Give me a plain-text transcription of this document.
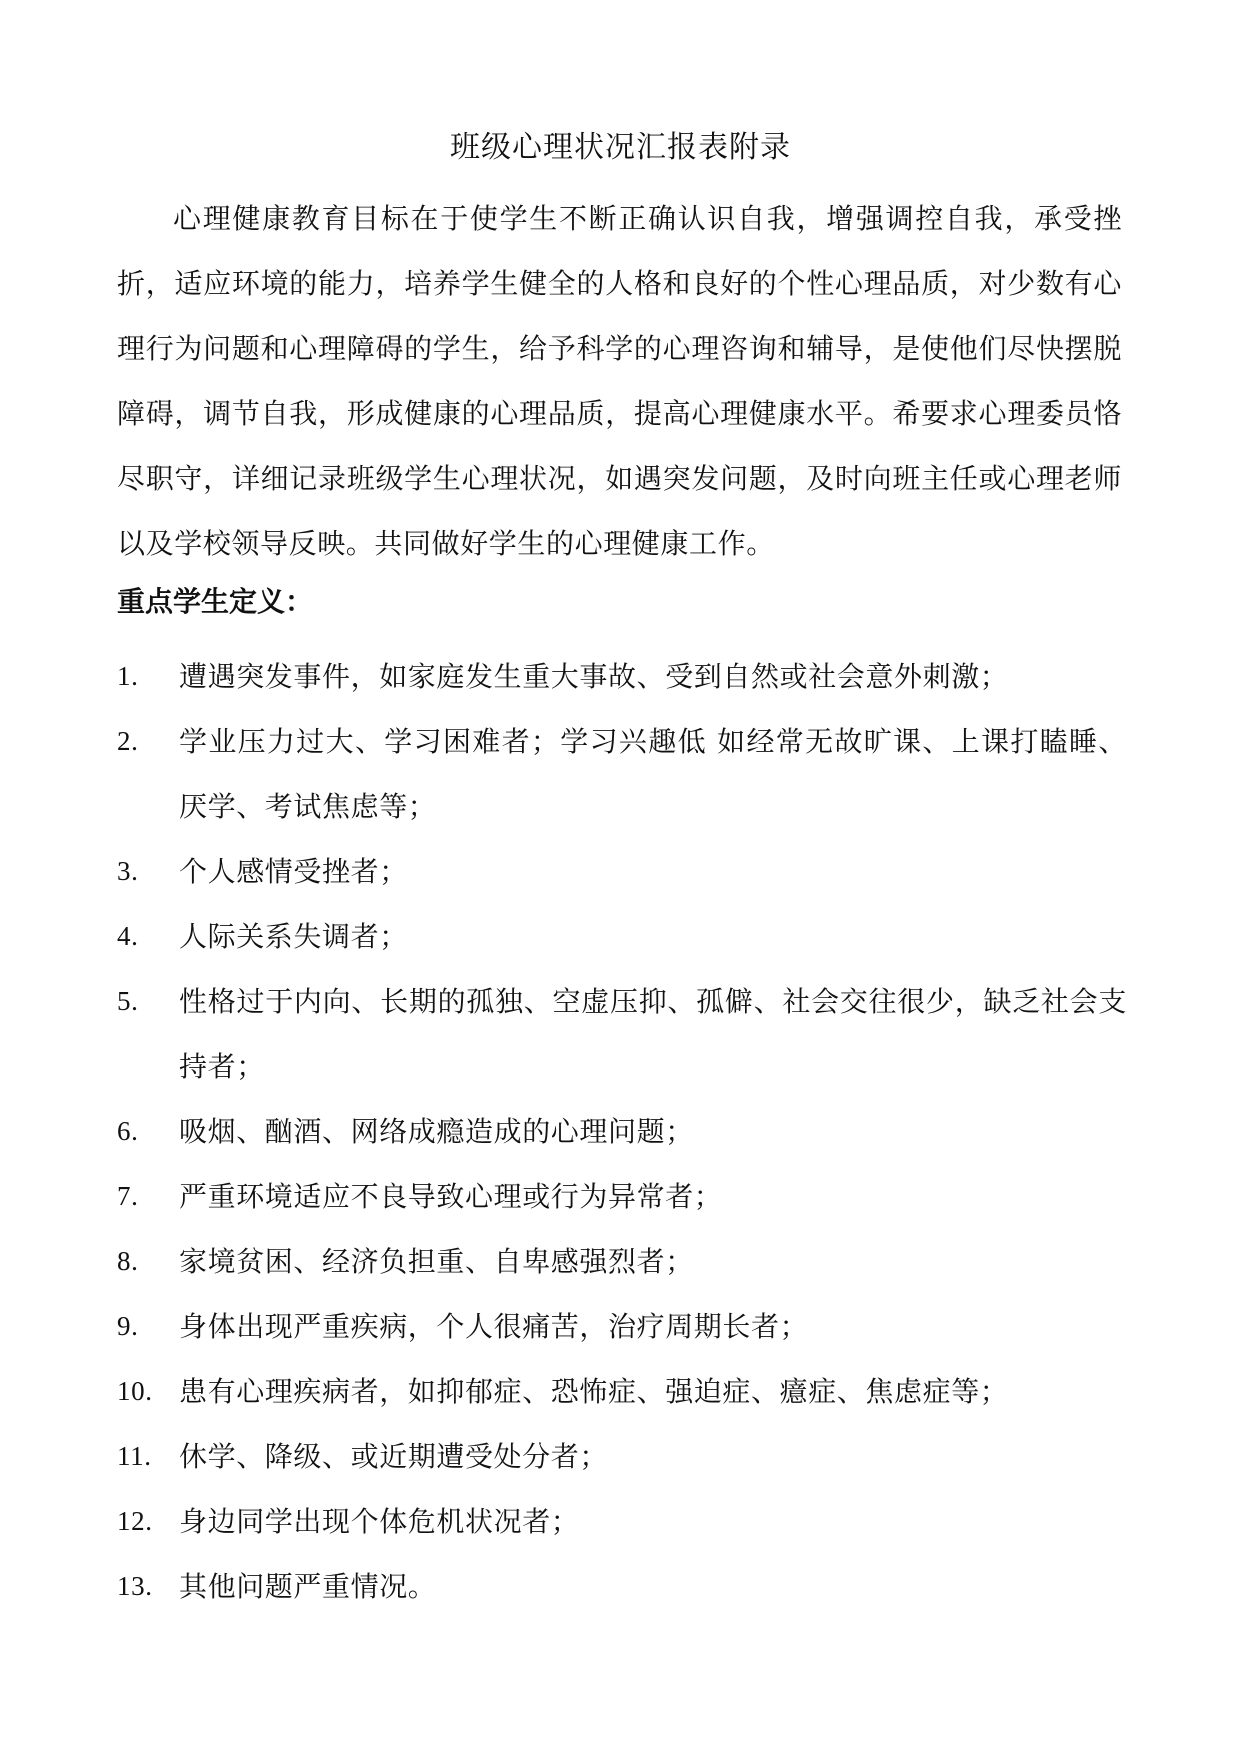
班级心理状况汇报表附录

心理健康教育目标在于使学生不断正确认识自我，增强调控自我，承受挫折，适应环境的能力，培养学生健全的人格和良好的个性心理品质，对少数有心理行为问题和心理障碍的学生，给予科学的心理咨询和辅导，是使他们尽快摆脱障碍，调节自我，形成健康的心理品质，提高心理健康水平。希要求心理委员恪尽职守，详细记录班级学生心理状况，如遇突发问题，及时向班主任或心理老师以及学校领导反映。共同做好学生的心理健康工作。

重点学生定义：
1.	遭遇突发事件，如家庭发生重大事故、受到自然或社会意外刺激；
2.	学业压力过大、学习困难者；学习兴趣低 如经常无故旷课、上课打瞌睡、厌学、考试焦虑等；
3.	个人感情受挫者；
4.	人际关系失调者；
5.	性格过于内向、长期的孤独、空虚压抑、孤僻、社会交往很少，缺乏社会支持者；
6.	吸烟、酗酒、网络成瘾造成的心理问题；
7.	严重环境适应不良导致心理或行为异常者；
8.	家境贫困、经济负担重、自卑感强烈者；
9.	身体出现严重疾病，个人很痛苦，治疗周期长者；
10. 患有心理疾病者，如抑郁症、恐怖症、强迫症、癔症、焦虑症等；
11. 休学、降级、或近期遭受处分者；
12. 身边同学出现个体危机状况者；
13. 其他问题严重情况。
